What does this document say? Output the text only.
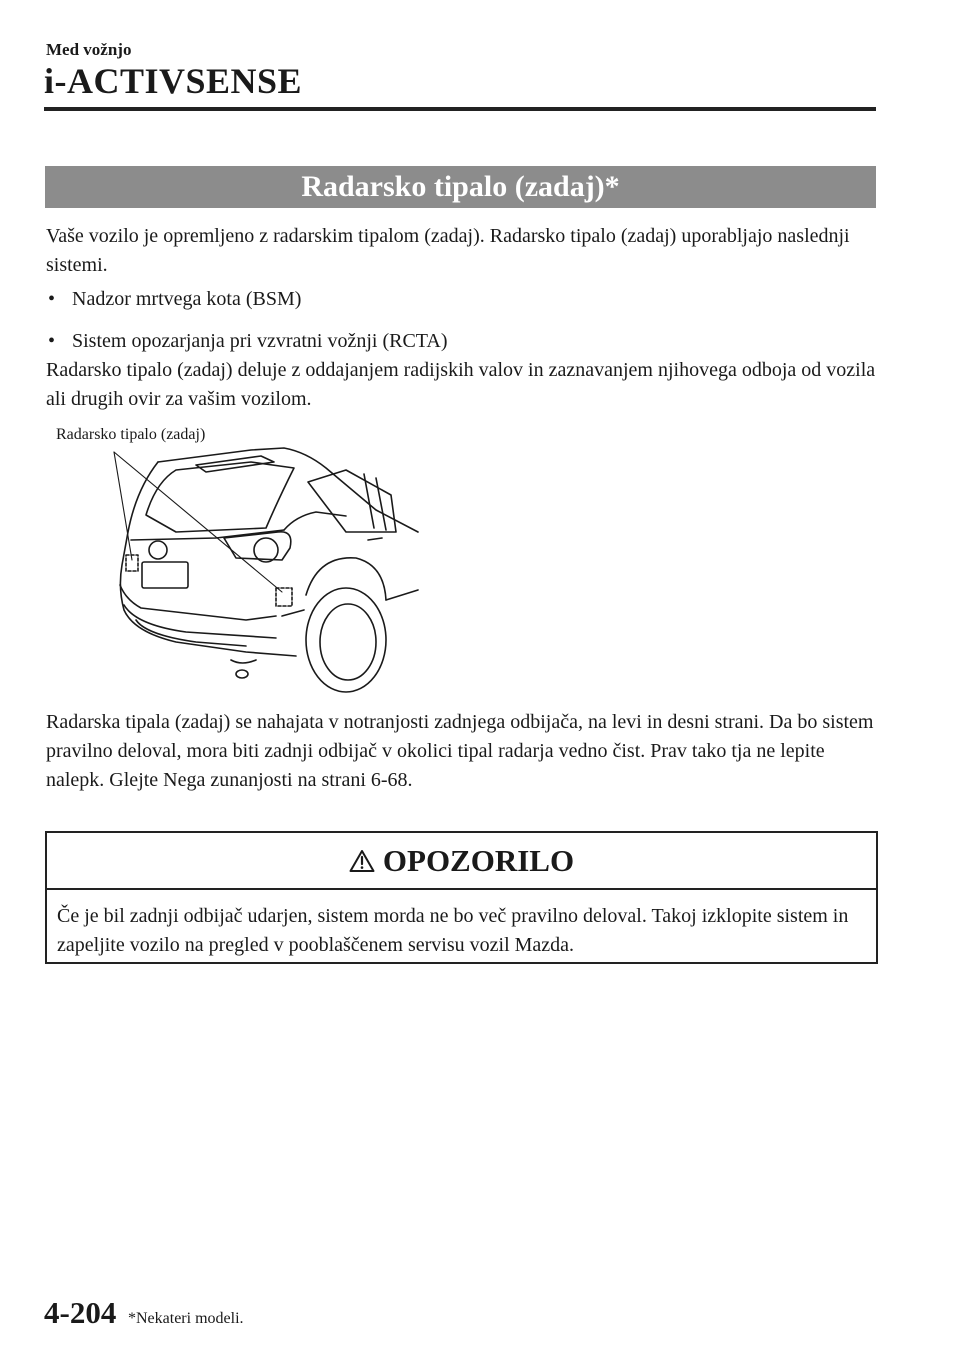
Med vožnjo
i-ACTIVSENSE
Radarsko tipalo (zadaj)*

Vaše vozilo je opremljeno z radarskim tipalom (zadaj). Radarsko tipalo (zadaj) uporabljajo naslednji sistemi.

• Nadzor mrtvega kota (BSM)
• Sistem opozarjanja pri vzvratni vožnji (RCTA)

Radarsko tipalo (zadaj) deluje z oddajanjem radijskih valov in zaznavanjem njihovega odboja od vozila ali drugih ovir za vašim vozilom.

Radarsko tipalo (zadaj)

Radarska tipala (zadaj) se nahajata v notranjosti zadnjega odbijača, na levi in desni strani. Da bo sistem pravilno deloval, mora biti zadnji odbijač v okolici tipal radarja vedno čist. Prav tako tja ne lepite nalepk. Glejte Nega zunanjosti na strani 6-68.

OPOZORILO
Če je bil zadnji odbijač udarjen, sistem morda ne bo več pravilno deloval. Takoj izklopite sistem in zapeljite vozilo na pregled v pooblaščenem servisu vozil Mazda.
4-204 *Nekateri modeli.
